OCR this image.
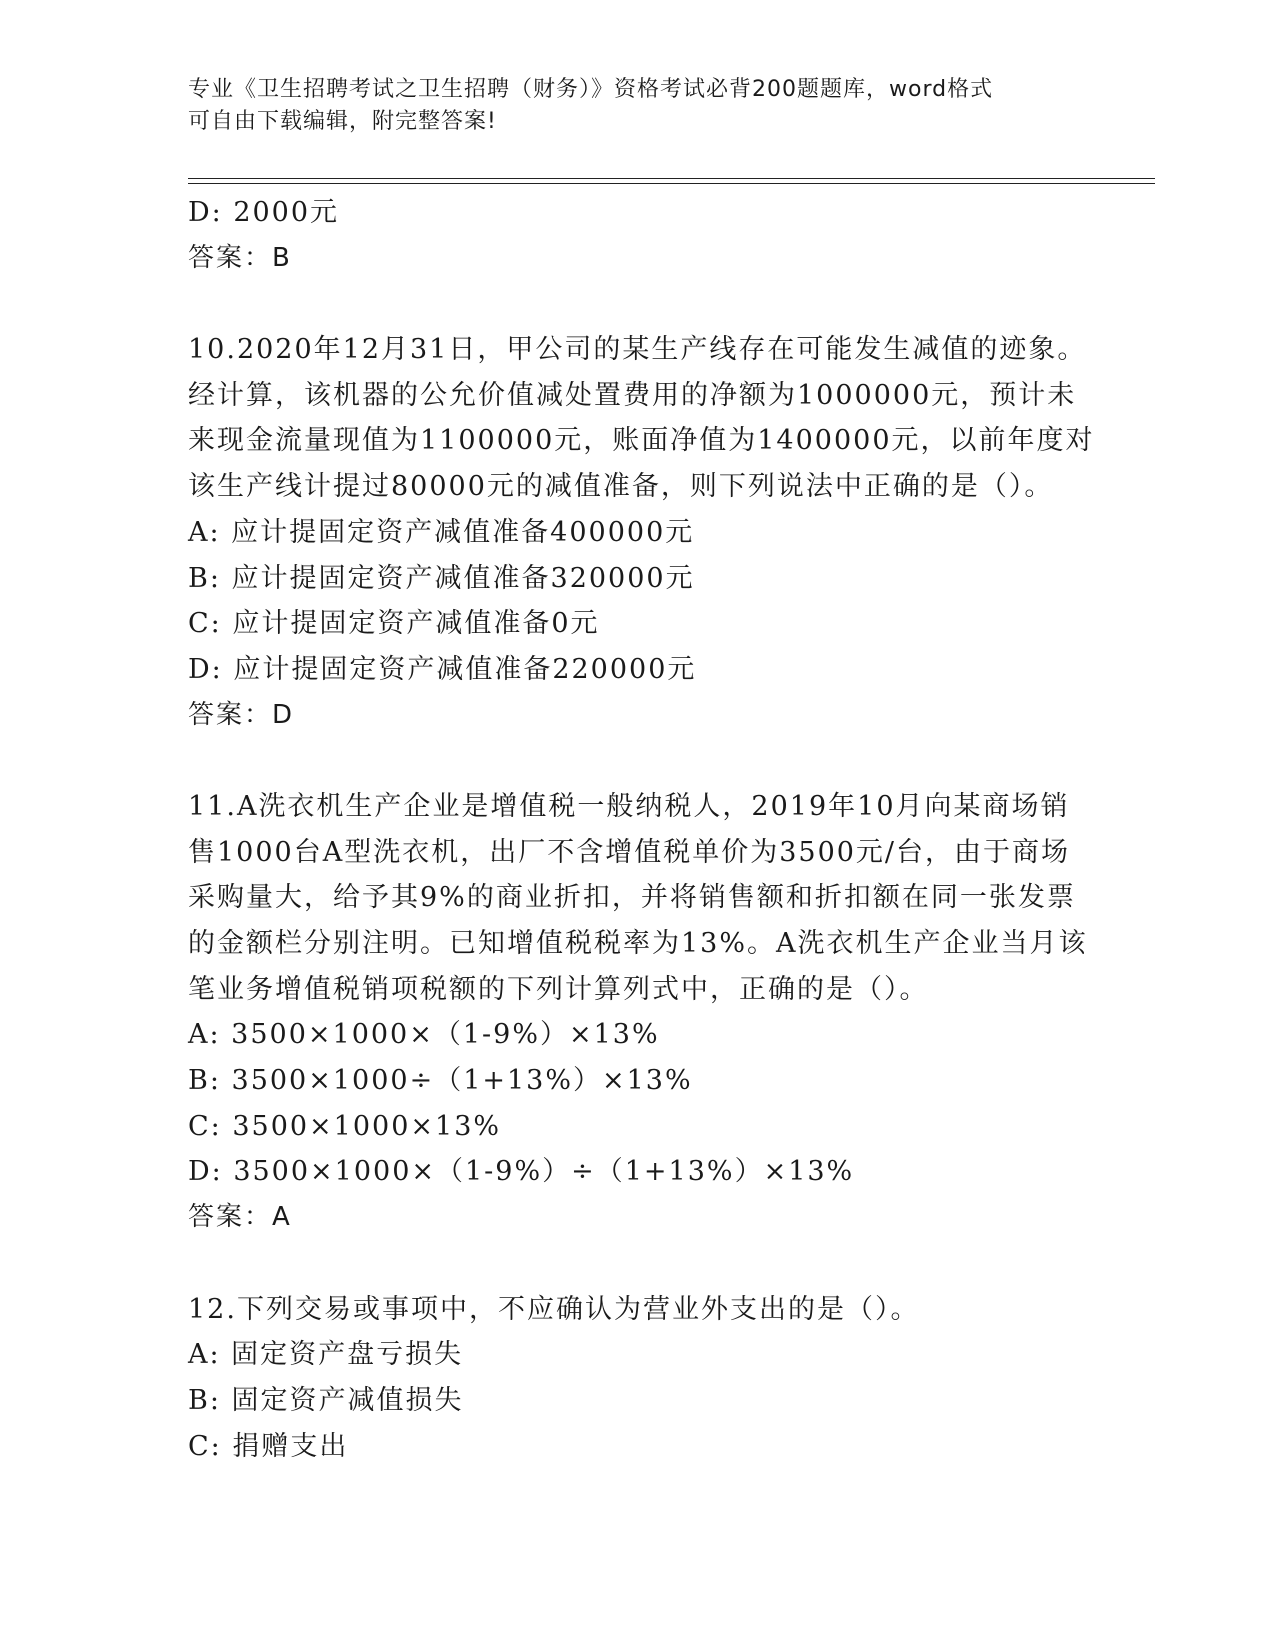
专业《卫生招聘考试之卫生招聘（财务）》资格考试必背200题题库，word格式
可自由下载编辑，附完整答案!
D: 2000元
答案：B
10.2020年12月31日，甲公司的某生产线存在可能发生减值的迹象。
经计算，该机器的公允价值减处置费用的净额为1000000元，预计未
来现金流量现值为1100000元，账面净值为1400000元，以前年度对
该生产线计提过80000元的减值准备，则下列说法中正确的是（）。
A: 应计提固定资产减值准备400000元
B: 应计提固定资产减值准备320000元
C: 应计提固定资产减值准备0元
D: 应计提固定资产减值准备220000元
答案：D
11.A洗衣机生产企业是增值税一般纳税人，2019年10月向某商场销
售1000台A型洗衣机，出厂不含增值税单价为3500元/台，由于商场
采购量大，给予其9%的商业折扣，并将销售额和折扣额在同一张发票
的金额栏分别注明。已知增值税税率为13%。A洗衣机生产企业当月该
笔业务增值税销项税额的下列计算列式中，正确的是（）。
A: 3500×1000×（1-9%）×13%
B: 3500×1000÷（1+13%）×13%
C: 3500×1000×13%
D: 3500×1000×（1-9%）÷（1+13%）×13%
答案：A
12.下列交易或事项中，不应确认为营业外支出的是（）。
A: 固定资产盘亏损失
B: 固定资产减值损失
C: 捐赠支出
